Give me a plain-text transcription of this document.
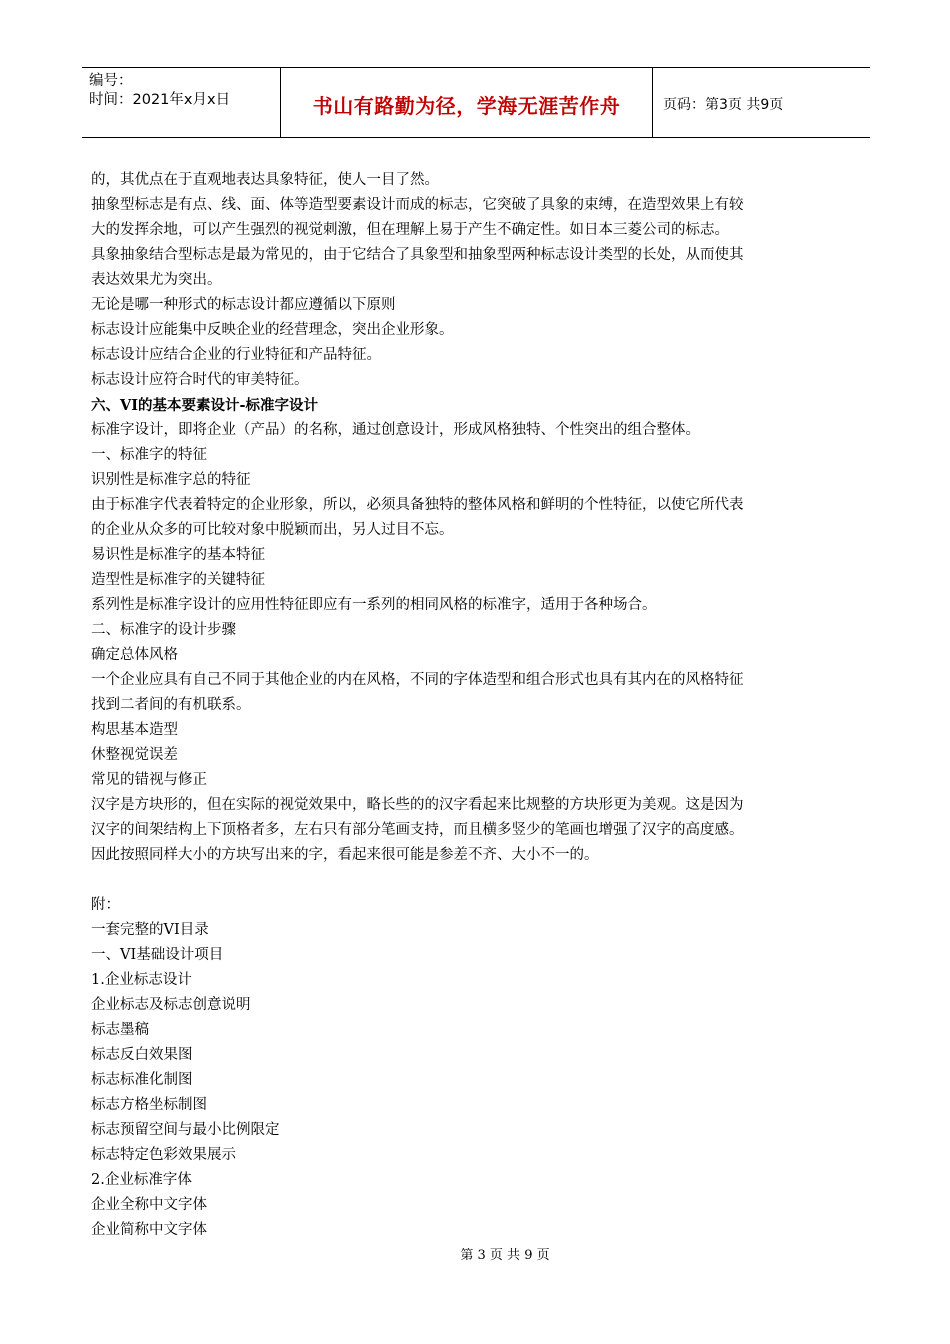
编号：
时间：2021年x月x日	书山有路勤为径，学海无涯苦作舟	页码：第3页 共9页
的，其优点在于直观地表达具象特征，使人一目了然。
抽象型标志是有点、线、面、体等造型要素设计而成的标志，它突破了具象的束缚，在造型效果上有较
大的发挥余地，可以产生强烈的视觉刺激，但在理解上易于产生不确定性。如日本三菱公司的标志。
具象抽象结合型标志是最为常见的，由于它结合了具象型和抽象型两种标志设计类型的长处，从而使其
表达效果尤为突出。
无论是哪一种形式的标志设计都应遵循以下原则
标志设计应能集中反映企业的经营理念，突出企业形象。
标志设计应结合企业的行业特征和产品特征。
标志设计应符合时代的审美特征。
六、VI的基本要素设计-标准字设计
标准字设计，即将企业（产品）的名称，通过创意设计，形成风格独特、个性突出的组合整体。
一、标准字的特征
识别性是标准字总的特征
由于标准字代表着特定的企业形象，所以，必须具备独特的整体风格和鲜明的个性特征，以使它所代表
的企业从众多的可比较对象中脱颖而出，另人过目不忘。
易识性是标准字的基本特征
造型性是标准字的关键特征
系列性是标准字设计的应用性特征即应有一系列的相同风格的标准字，适用于各种场合。
二、标准字的设计步骤
确定总体风格
一个企业应具有自己不同于其他企业的内在风格，不同的字体造型和组合形式也具有其内在的风格特征
找到二者间的有机联系。
构思基本造型
休整视觉误差
常见的错视与修正
汉字是方块形的，但在实际的视觉效果中，略长些的的汉字看起来比规整的方块形更为美观。这是因为
汉字的间架结构上下顶格者多，左右只有部分笔画支持，而且横多竖少的笔画也增强了汉字的高度感。
因此按照同样大小的方块写出来的字，看起来很可能是参差不齐、大小不一的。
附：
一套完整的VI目录
一、VI基础设计项目
1.企业标志设计
企业标志及标志创意说明
标志墨稿
标志反白效果图
标志标准化制图
标志方格坐标制图
标志预留空间与最小比例限定
标志特定色彩效果展示
2.企业标准字体
企业全称中文字体
企业简称中文字体
第 3 页 共 9 页
